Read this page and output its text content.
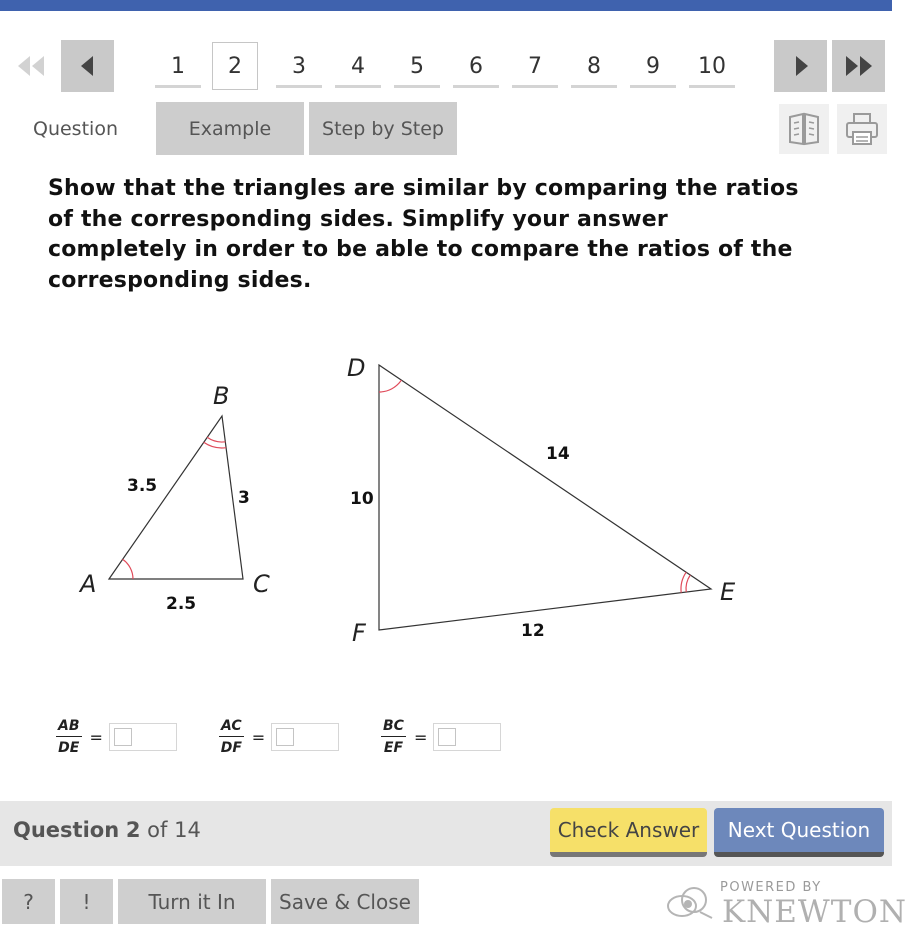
1 2 3 4 5 6 7 8 9 10
Question	Example	Step by Step
Show that the triangles are similar by comparing the ratios of the corresponding sides. Simplify your answer completely in order to be able to compare the ratios of the corresponding sides.
A
B
C
3.5
3
2.5
D
E
F
14
10
12
$\frac{AB}{DE}$ =	$\frac{AC}{DF}$ =	$\frac{BC}{EF}$ =
Question 2 of 14	Check Answer	Next Question
?	!	Turn it In	Save & Close
POWERED BY
KNEWTON
